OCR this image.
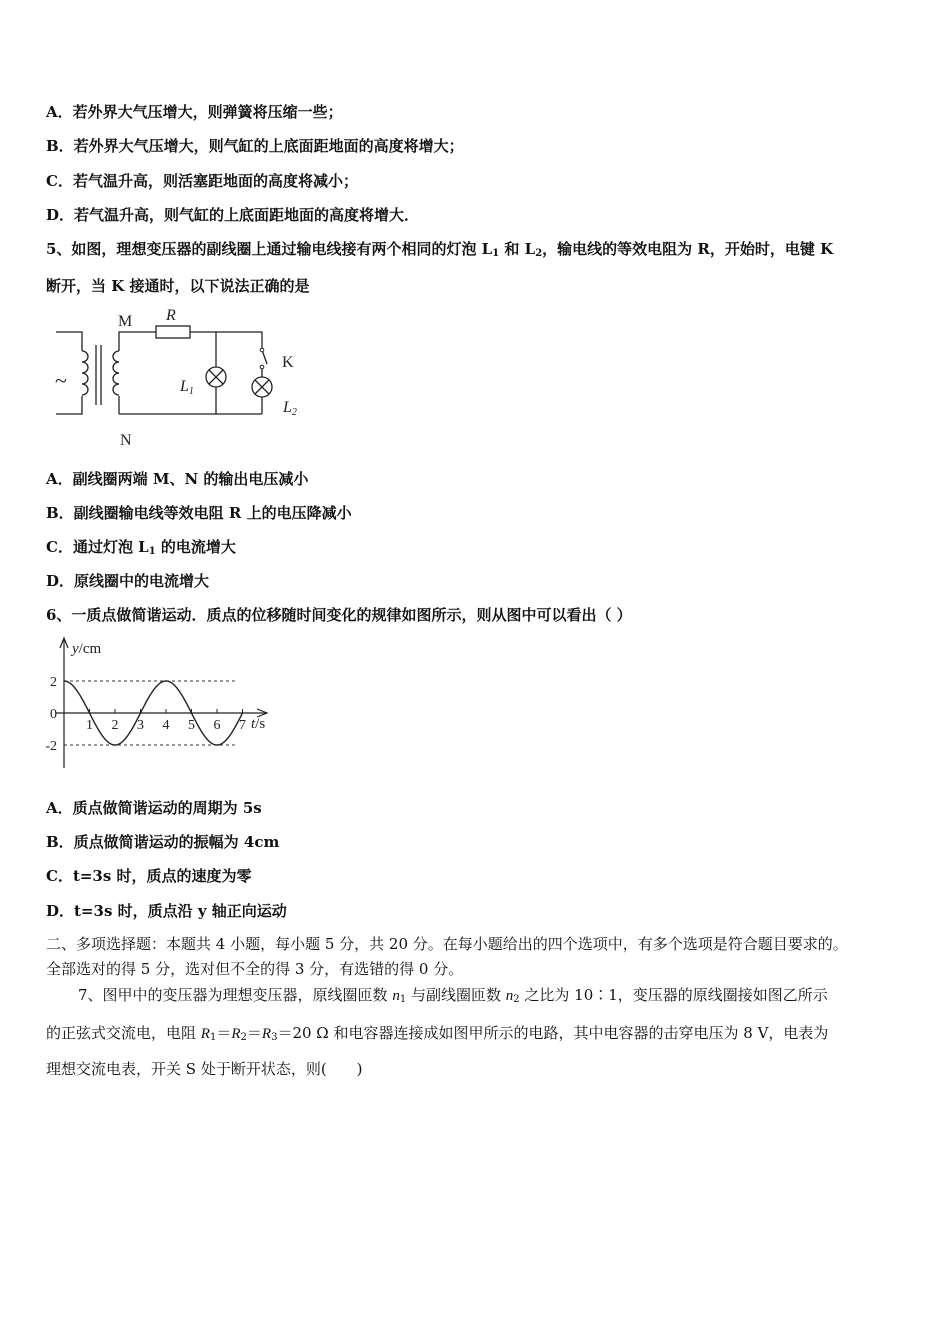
A．若外界大气压增大，则弹簧将压缩一些；
B．若外界大气压增大，则气缸的上底面距地面的高度将增大；
C．若气温升高，则活塞距地面的高度将减小；
D．若气温升高，则气缸的上底面距地面的高度将增大．
5、如图，理想变压器的副线圈上通过输电线接有两个相同的灯泡 $L_1$ 和 $L_2$，输电线的等效电阻为 R，开始时，电键 K
断开，当 K 接通时，以下说法正确的是
~
M
N
R
K
L1
L2
A．副线圈两端 M、N 的输出电压减小
B．副线圈输电线等效电阻 R 上的电压降减小
C．通过灯泡 $L_1$ 的电流增大
D．原线圈中的电流增大
6、一质点做简谐运动．质点的位移随时间变化的规律如图所示，则从图中可以看出（ ）
y/cm
t/s
2
0
-2
1 2 3 4 5 6 7
A．质点做简谐运动的周期为 5s
B．质点做简谐运动的振幅为 4cm
C．t=3s 时，质点的速度为零
D．t=3s 时，质点沿 y 轴正向运动
二、多项选择题：本题共 4 小题，每小题 5 分，共 20 分。在每小题给出的四个选项中，有多个选项是符合题目要求的。
全部选对的得 5 分，选对但不全的得 3 分，有选错的得 0 分。
7、图甲中的变压器为理想变压器，原线圈匝数 $n_1$ 与副线圈匝数 $n_2$ 之比为 10∶1，变压器的原线圈接如图乙所示
的正弦式交流电，电阻 $R_1=R_2=R_3=20$ Ω 和电容器连接成如图甲所示的电路，其中电容器的击穿电压为 8 V，电表为
理想交流电表，开关 S 处于断开状态，则(　　)
